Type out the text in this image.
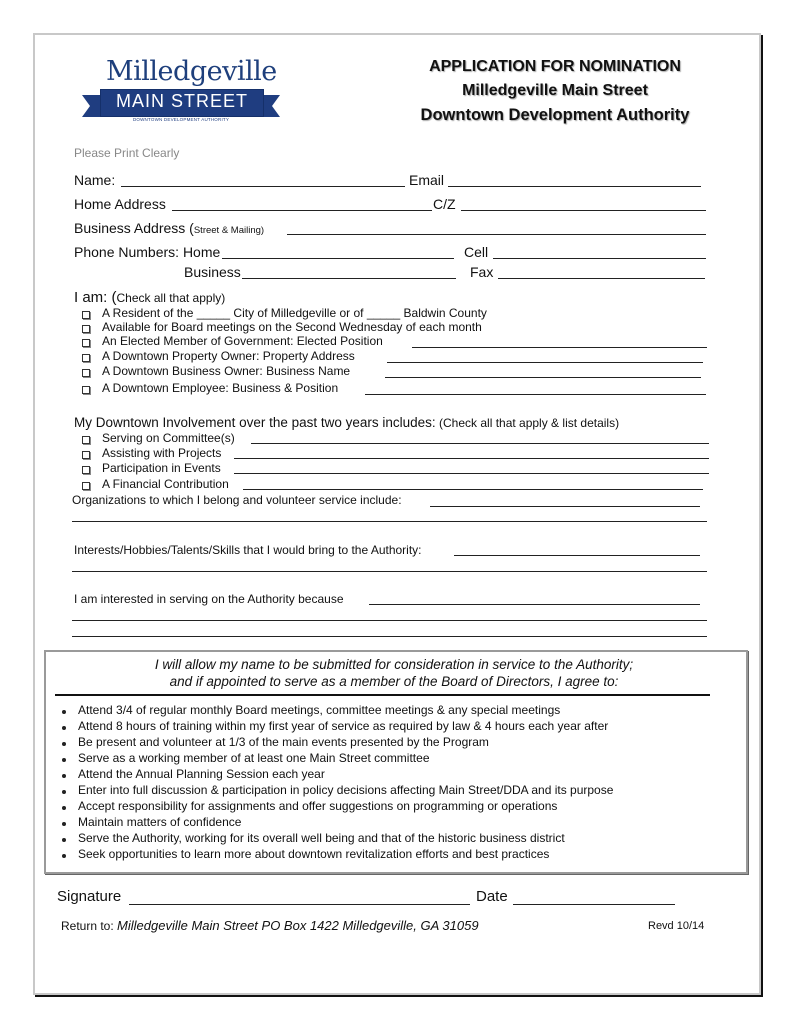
Milledgeville
MAIN STREET
DOWNTOWN DEVELOPMENT AUTHORITY
APPLICATION FOR NOMINATION
Milledgeville Main Street
Downtown Development Authority
Please Print Clearly
Name:	Email
Home Address	C/Z
Business Address (Street & Mailing)
Phone Numbers: Home	Cell
Business	Fax
I am: (Check all that apply)
A Resident of the _____ City of Milledgeville or of _____ Baldwin County
Available for Board meetings on the Second Wednesday of each month
An Elected Member of Government: Elected Position
A Downtown Property Owner: Property Address
A Downtown Business Owner: Business Name
A Downtown Employee: Business & Position
My Downtown Involvement over the past two years includes: (Check all that apply & list details)
Serving on Committee(s)
Assisting with Projects
Participation in Events
A Financial Contribution
Organizations to which I belong and volunteer service include:
Interests/Hobbies/Talents/Skills that I would bring to the Authority:
I am interested in serving on the Authority because
I will allow my name to be submitted for consideration in service to the Authority;
and if appointed to serve as a member of the Board of Directors, I agree to:
Attend 3/4 of regular monthly Board meetings, committee meetings & any special meetings
Attend 8 hours of training within my first year of service as required by law & 4 hours each year after
Be present and volunteer at 1/3 of the main events presented by the Program
Serve as a working member of at least one Main Street committee
Attend the Annual Planning Session each year
Enter into full discussion & participation in policy decisions affecting Main Street/DDA and its purpose
Accept responsibility for assignments and offer suggestions on programming or operations
Maintain matters of confidence
Serve the Authority, working for its overall well being and that of the historic business district
Seek opportunities to learn more about downtown revitalization efforts and best practices
Signature	Date
Return to: Milledgeville Main Street PO Box 1422 Milledgeville, GA 31059	Revd 10/14
